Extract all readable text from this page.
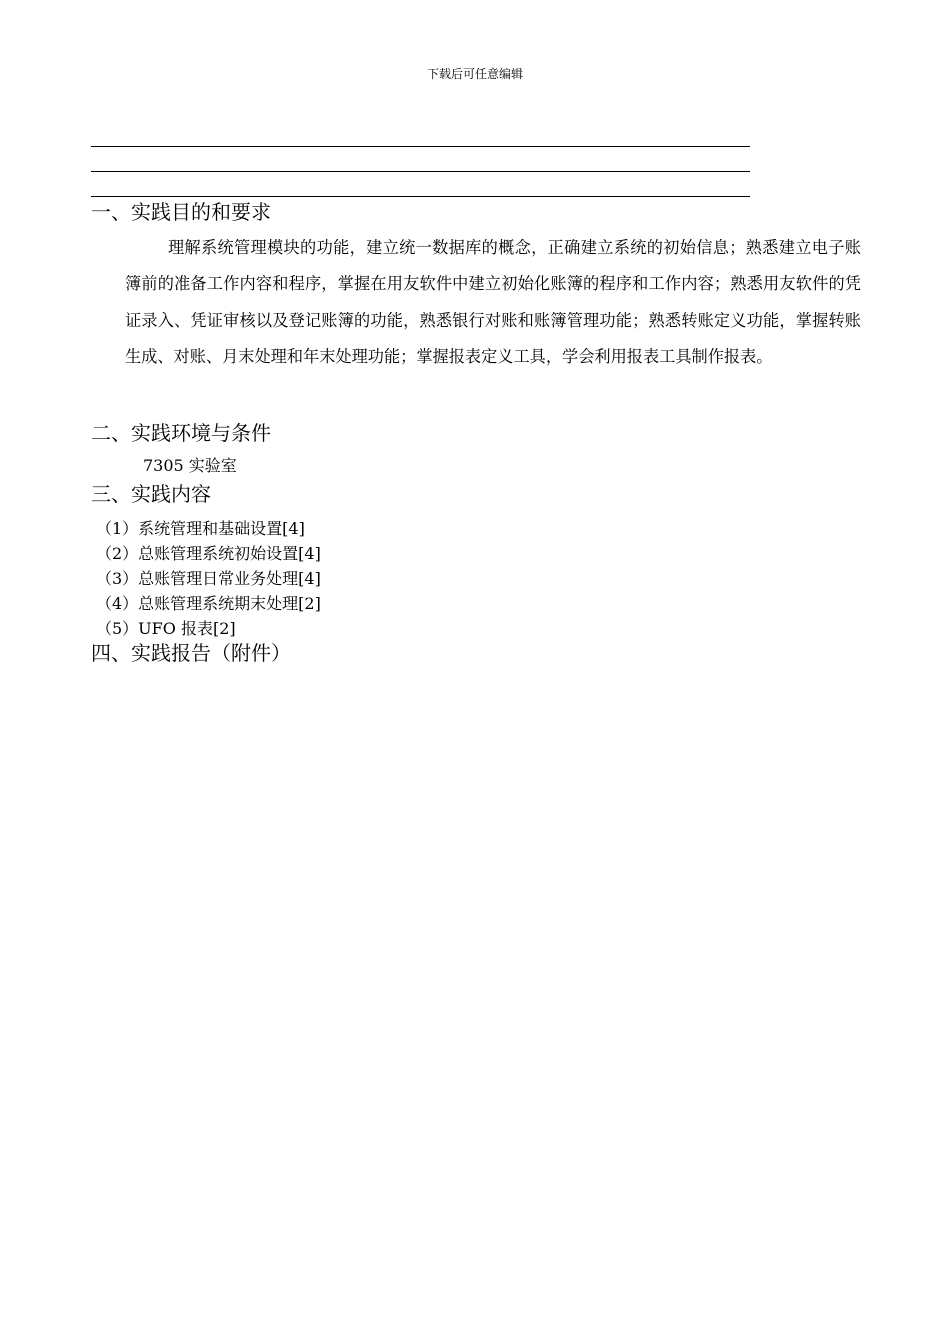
下载后可任意编辑
一、实践目的和要求

理解系统管理模块的功能，建立统一数据库的概念，正确建立系统的初始信息；熟悉建立电子账簿前的准备工作内容和程序，掌握在用友软件中建立初始化账簿的程序和工作内容；熟悉用友软件的凭证录入、凭证审核以及登记账簿的功能，熟悉银行对账和账簿管理功能；熟悉转账定义功能，掌握转账生成、对账、月末处理和年末处理功能；掌握报表定义工具，学会利用报表工具制作报表。

二、实践环境与条件
7305 实验室
三、实践内容
（1）系统管理和基础设置[4]
（2）总账管理系统初始设置[4]
（3）总账管理日常业务处理[4]
（4）总账管理系统期末处理[2]
（5）UFO 报表[2]
四、实践报告（附件）
